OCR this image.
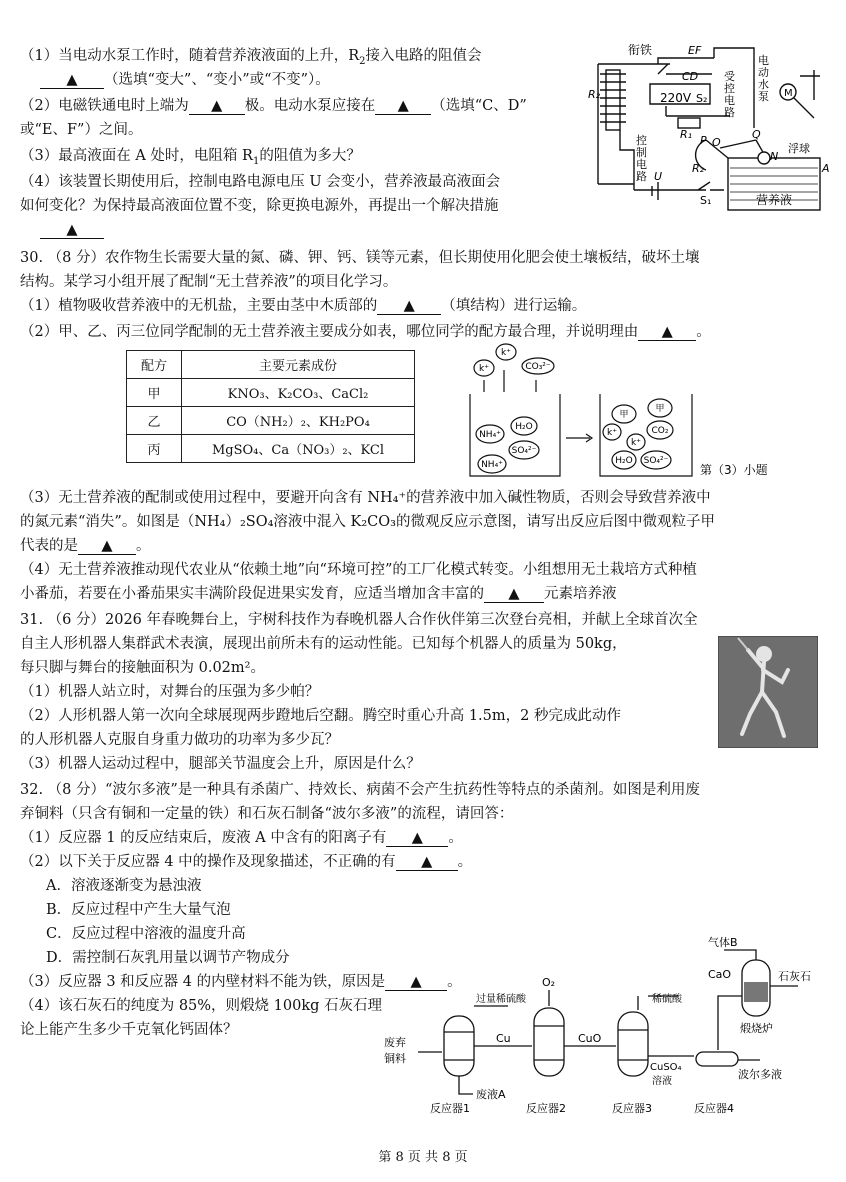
（1）当电动水泵工作时，随着营养液液面的上升，$R_2$接入电路的阻值会
▲ （选填“变大”、“变小”或“不变”）。
（2）电磁铁通电时上端为 ▲ 极。电动水泵应接在 ▲ （选填“C、D”
或“E、F”）之间。
（3）最高液面在 A 处时，电阻箱 $R_1$的阻值为多大？
（4）该装置长期使用后，控制电路电源电压 U 会变小，营养液最高液面会
如何变化？为保持最高液面位置不变，除更换电源外，再提出一个解决措施
▲
衔铁	EF
CD
220V S₂
受
控
电
路
电
动
水
泵 M
R₂
R₁ P O
R₂
Q
N
浮球
A
控
制
电
路 U
S₁	营养液
30. （8 分）农作物生长需要大量的氮、磷、钾、钙、镁等元素，但长期使用化肥会使土壤板结，破坏土壤
结构。某学习小组开展了配制“无土营养液”的项目化学习。
（1）植物吸收营养液中的无机盐，主要由茎中木质部的 ▲ （填结构）进行运输。
（2）甲、乙、丙三位同学配制的无土营养液主要成分如表，哪位同学的配方最合理，并说明理由 ▲ 。
配方	主要元素成份
甲	KNO₃、K₂CO₃、CaCl₂
乙	CO（NH₂）₂、KH₂PO₄
丙	MgSO₄、Ca（NO₃）₂、KCl
k⁺
k⁺
CO₃²⁻
H₂O
NH₄⁺
SO₄²⁻
NH₄⁺
甲
甲
k⁺	CO₂
k⁺
H₂O SO₄²⁻
第（3）小题
（3）无土营养液的配制或使用过程中，要避开向含有 NH₄⁺的营养液中加入碱性物质，否则会导致营养液中
的氮元素“消失”。如图是（NH₄）₂SO₄溶液中混入 K₂CO₃的微观反应示意图，请写出反应后图中微观粒子甲
代表的是 ▲ 。
（4）无土营养液推动现代农业从“依赖土地”向“环境可控”的工厂化模式转变。小组想用无土栽培方式种植
小番茄，若要在小番茄果实丰满阶段促进果实发育，应适当增加含丰富的 ▲ 元素培养液
31. （6 分）2026 年春晚舞台上，宇树科技作为春晚机器人合作伙伴第三次登台亮相，并献上全球首次全
自主人形机器人集群武术表演，展现出前所未有的运动性能。已知每个机器人的质量为 50kg，
每只脚与舞台的接触面积为 0.02m²。
（1）机器人站立时，对舞台的压强为多少帕？
（2）人形机器人第一次向全球展现两步蹬地后空翻。腾空时重心升高 1.5m，2 秒完成此动作
的人形机器人克服自身重力做功的功率为多少瓦？
（3）机器人运动过程中，腿部关节温度会上升，原因是什么？
32. （8 分）“波尔多液”是一种具有杀菌广、持效长、病菌不会产生抗药性等特点的杀菌剂。如图是利用废
弃铜料（只含有铜和一定量的铁）和石灰石制备“波尔多液”的流程，请回答：
（1）反应器 1 的反应结束后，废液 A 中含有的阳离子有 ▲ 。
（2）以下关于反应器 4 中的操作及现象描述，不正确的有 ▲ 。
A．溶液逐渐变为悬浊液
B．反应过程中产生大量气泡
C．反应过程中溶液的温度升高
D．需控制石灰乳用量以调节产物成分
（3）反应器 3 和反应器 4 的内壁材料不能为铁，原因是 ▲ 。
（4）该石灰石的纯度为 85%，则煅烧 100kg 石灰石理
论上能产生多少千克氧化钙固体？
气体B
CaO	石灰石
煅烧炉
O₂
过量稀硫酸	稀硫酸
废弃
铜料
Cu	CuO
CuSO₄
溶液
波尔多液
废液A
反应器1	反应器2	反应器3	反应器4
第 8 页 共 8 页
